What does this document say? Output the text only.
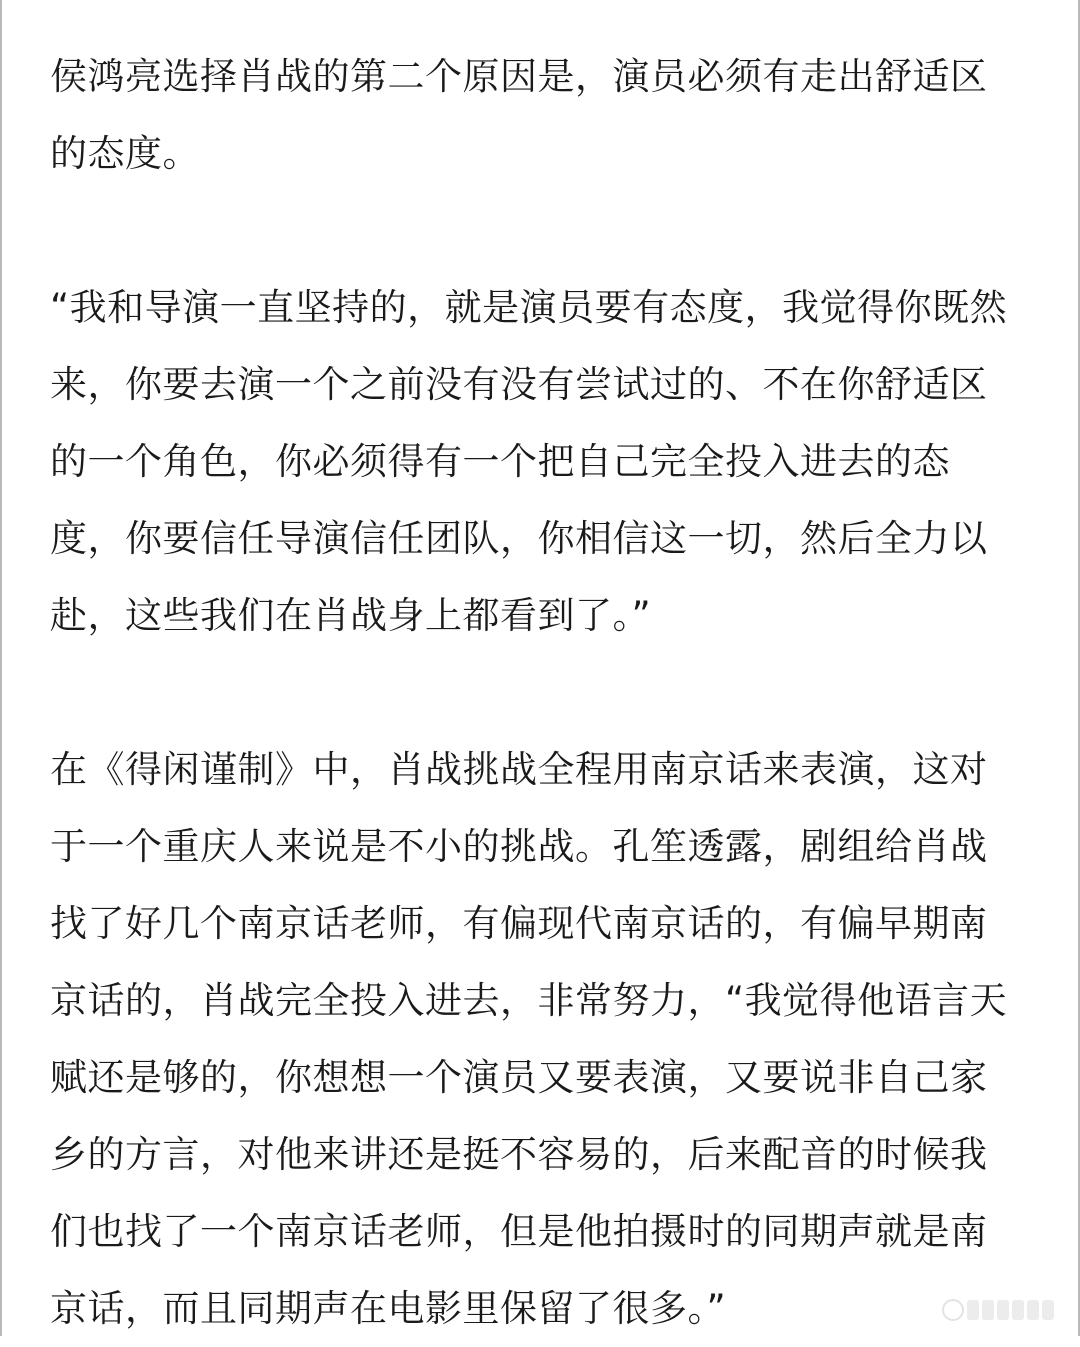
侯鸿亮选择肖战的第二个原因是，演员必须有走出舒适区的态度。

“我和导演一直坚持的，就是演员要有态度，我觉得你既然来，你要去演一个之前没有没有尝试过的、不在你舒适区的一个角色，你必须得有一个把自己完全投入进去的态度，你要信任导演信任团队，你相信这一切，然后全力以赴，这些我们在肖战身上都看到了。”

在《得闲谨制》中，肖战挑战全程用南京话来表演，这对于一个重庆人来说是不小的挑战。孔笙透露，剧组给肖战找了好几个南京话老师，有偏现代南京话的，有偏早期南京话的，肖战完全投入进去，非常努力，“我觉得他语言天赋还是够的，你想想一个演员又要表演，又要说非自己家乡的方言，对他来讲还是挺不容易的，后来配音的时候我们也找了一个南京话老师，但是他拍摄时的同期声就是南京话，而且同期声在电影里保留了很多。”
